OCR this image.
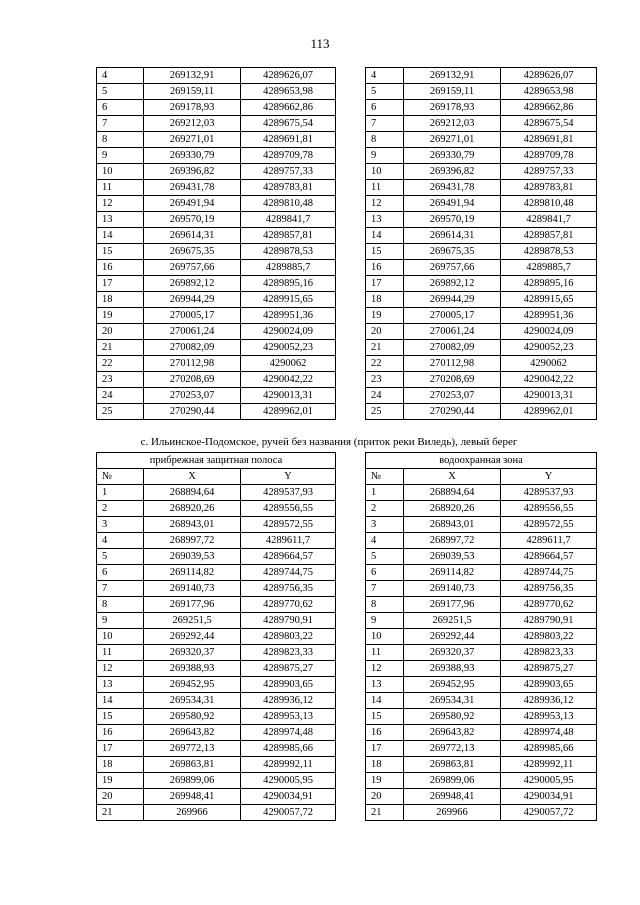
113
4	269132,91	4289626,07
5	269159,11	4289653,98
6	269178,93	4289662,86
7	269212,03	4289675,54
8	269271,01	4289691,81
9	269330,79	4289709,78
10	269396,82	4289757,33
11	269431,78	4289783,81
12	269491,94	4289810,48
13	269570,19	4289841,7
14	269614,31	4289857,81
15	269675,35	4289878,53
16	269757,66	4289885,7
17	269892,12	4289895,16
18	269944,29	4289915,65
19	270005,17	4289951,36
20	270061,24	4290024,09
21	270082,09	4290052,23
22	270112,98	4290062
23	270208,69	4290042,22
24	270253,07	4290013,31
25	270290,44	4289962,01
4	269132,91	4289626,07
5	269159,11	4289653,98
6	269178,93	4289662,86
7	269212,03	4289675,54
8	269271,01	4289691,81
9	269330,79	4289709,78
10	269396,82	4289757,33
11	269431,78	4289783,81
12	269491,94	4289810,48
13	269570,19	4289841,7
14	269614,31	4289857,81
15	269675,35	4289878,53
16	269757,66	4289885,7
17	269892,12	4289895,16
18	269944,29	4289915,65
19	270005,17	4289951,36
20	270061,24	4290024,09
21	270082,09	4290052,23
22	270112,98	4290062
23	270208,69	4290042,22
24	270253,07	4290013,31
25	270290,44	4289962,01
с. Ильинское-Подомское, ручей без названия (приток реки Виледь), левый берег
прибрежная защитная полоса		
№	X	Y
1	268894,64	4289537,93
2	268920,26	4289556,55
3	268943,01	4289572,55
4	268997,72	4289611,7
5	269039,53	4289664,57
6	269114,82	4289744,75
7	269140,73	4289756,35
8	269177,96	4289770,62
9	269251,5	4289790,91
10	269292,44	4289803,22
11	269320,37	4289823,33
12	269388,93	4289875,27
13	269452,95	4289903,65
14	269534,31	4289936,12
15	269580,92	4289953,13
16	269643,82	4289974,48
17	269772,13	4289985,66
18	269863,81	4289992,11
19	269899,06	4290005,95
20	269948,41	4290034,91
21	269966	4290057,72
водоохранная зона		
№	X	Y
1	268894,64	4289537,93
2	268920,26	4289556,55
3	268943,01	4289572,55
4	268997,72	4289611,7
5	269039,53	4289664,57
6	269114,82	4289744,75
7	269140,73	4289756,35
8	269177,96	4289770,62
9	269251,5	4289790,91
10	269292,44	4289803,22
11	269320,37	4289823,33
12	269388,93	4289875,27
13	269452,95	4289903,65
14	269534,31	4289936,12
15	269580,92	4289953,13
16	269643,82	4289974,48
17	269772,13	4289985,66
18	269863,81	4289992,11
19	269899,06	4290005,95
20	269948,41	4290034,91
21	269966	4290057,72
